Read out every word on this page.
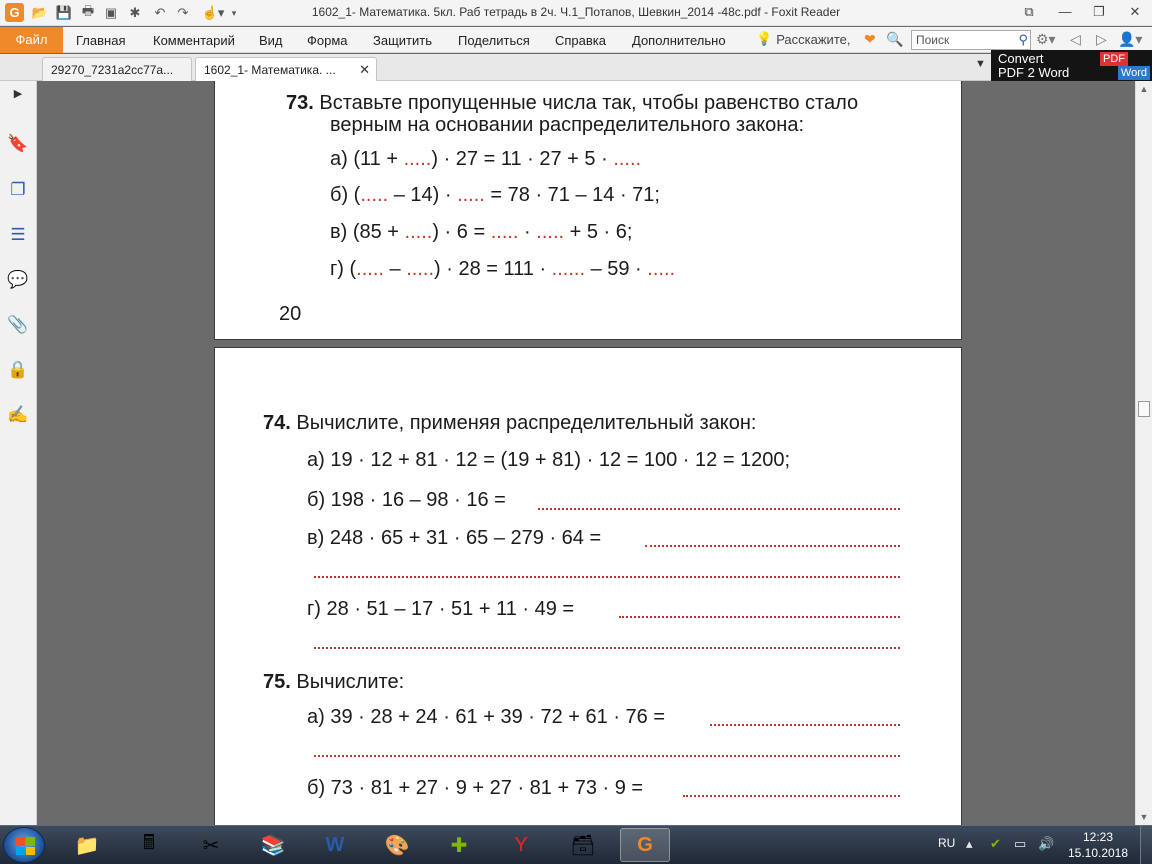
G 📂 💾 🖶 ▣ ✱	↶ ↷	☝▾ ▾	1602_1- Математика. 5кл. Раб тетрадь в 2ч. Ч.1_Потапов, Шевкин_2014 -48с.pdf - Foxit Reader	⧉	—	❐	✕
Файл	Главная Комментарий Вид Форма Защитить Поделиться Справка Дополнительно 💡 Расскажите, ❤ 🔍	Поиск	⚲ ⚙▾ ◁ ▷ 👤▾
29270_7231a2cc77a...	1602_1- Математика. ... ✕	▼ Convert
PDF 2 Word
PDF
Word
▶
🔖
❐
☰
💬
📎
🔒
✍
73. Вставьте пропущенные числа так, чтобы равенство стало
верным на основании распределительного закона:
а) (11 + .....) · 27 = 11 · 27 + 5 · .....
б) (..... – 14) · ..... = 78 · 71 – 14 · 71;
в) (85 + .....) · 6 = ..... · ..... + 5 · 6;
г) (..... – .....) · 28 = 111 · ...... – 59 · .....
20
74. Вычислите, применяя распределительный закон:
а) 19 · 12 + 81 · 12 = (19 + 81) · 12 = 100 · 12 = 1200;
б) 198 · 16 – 98 · 16 =
в) 248 · 65 + 31 · 65 – 279 · 64 =
г) 28 · 51 – 17 · 51 + 11 · 49 =
75. Вычислите:
а) 39 · 28 + 24 · 61 + 39 · 72 + 61 · 76 =
б) 73 · 81 + 27 · 9 + 27 · 81 + 73 · 9 =
▲
▼
📁	🖩	✂	📚	W	🎨	✚	Y	🗃	G	RU ▴ ✔ ▭ 🔊	12:23
15.10.2018
